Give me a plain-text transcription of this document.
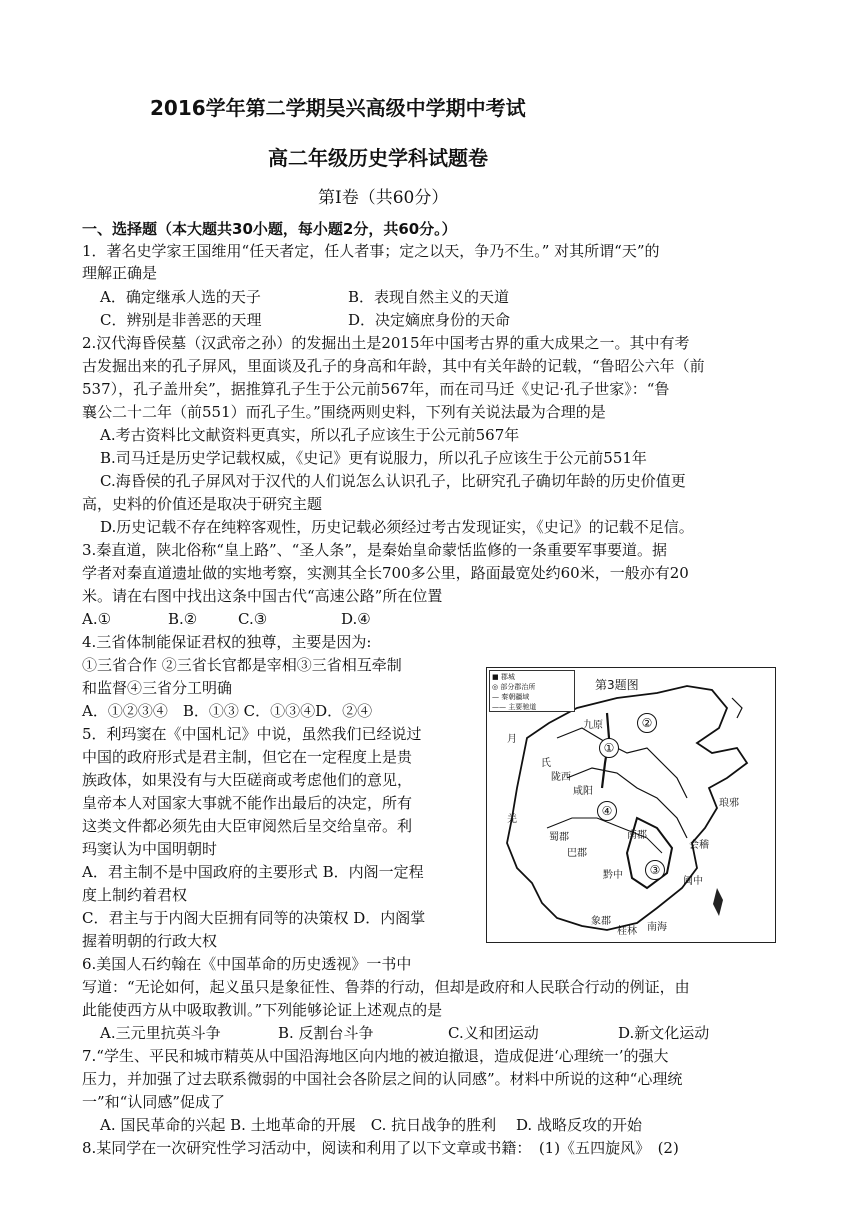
2016学年第二学期吴兴高级中学期中考试
高二年级历史学科试题卷
第Ⅰ卷（共60分）
一、选择题（本大题共30小题，每小题2分，共60分。）
1．著名史学家王国维用“任天者定，任人者事；定之以天，争乃不生。” 对其所谓“天”的
理解正确是
A．确定继承人选的天子	B．表现自然主义的天道
C．辨别是非善恶的天理	D．决定嫡庶身份的天命
2.汉代海昏侯墓（汉武帝之孙）的发掘出土是2015年中国考古界的重大成果之一。其中有考
古发掘出来的孔子屏风，里面谈及孔子的身高和年龄，其中有关年龄的记载，“鲁昭公六年（前
537），孔子盖卅矣”，据推算孔子生于公元前567年，而在司马迁《史记·孔子世家》：“鲁
襄公二十二年（前551）而孔子生。”围绕两则史料，下列有关说法最为合理的是
A.考古资料比文献资料更真实，所以孔子应该生于公元前567年
B.司马迁是历史学记载权威，《史记》更有说服力，所以孔子应该生于公元前551年
C.海昏侯的孔子屏风对于汉代的人们说怎么认识孔子，比研究孔子确切年龄的历史价值更
高，史料的价值还是取决于研究主题
D.历史记载不存在纯粹客观性，历史记载必须经过考古发现证实，《史记》的记载不足信。
3.秦直道，陕北俗称“皇上路”、“圣人条”，是秦始皇命蒙恬监修的一条重要军事要道。据
学者对秦直道遗址做的实地考察，实测其全长700多公里，路面最宽处约60米，一般亦有20
米。请在右图中找出这条中国古代“高速公路”所在位置
A.①	B.②	C.③	D.④
4.三省体制能保证君权的独尊，主要是因为:
①三省合作 ②三省长官都是宰相③三省相互牵制
和监督④三省分工明确
A．①②③④　B．①③ C．①③④D．②④
5．利玛窦在《中国札记》中说，虽然我们已经说过
中国的政府形式是君主制，但它在一定程度上是贵
族政体，如果没有与大臣磋商或考虑他们的意见，
皇帝本人对国家大事就不能作出最后的决定，所有
这类文件都必须先由大臣审阅然后呈交给皇帝。利
玛窦认为中国明朝时
A．君主制不是中国政府的主要形式 B．内阁一定程
度上制约着君权
C．君主与于内阁大臣拥有同等的决策权 D．内阁掌
握着明朝的行政大权
6.美国人石约翰在《中国革命的历史透视》一书中
写道：“无论如何，起义虽只是象征性、鲁莽的行动，但却是政府和人民联合行动的例证，由
此能使西方从中吸取教训。”下列能够论证上述观点的是
A.三元里抗英斗争	B. 反割台斗争	C.义和团运动	D.新文化运动
7.“学生、平民和城市精英从中国沿海地区向内地的被迫撤退，造成促进‘心理统一’的强大
压力，并加强了过去联系微弱的中国社会各阶层之间的认同感”。材料中所说的这种“心理统
一”和“认同感”促成了
A. 国民革命的兴起 B. 土地革命的开展　C. 抗日战争的胜利　 D. 战略反攻的开始
8.某同学在一次研究性学习活动中，阅读和利用了以下文章或书籍：　(1)《五四旋风》　(2)
■ 郡城
◎ 部分郡治所
— 秦朝疆域
—— 主要驰道
第3题图
①
②
③
④
九原
月
氏
陇西
咸阳
琅邪
羌
南郡
会稽
巴郡
蜀郡
黔中
闽中
象郡
桂林 南海
